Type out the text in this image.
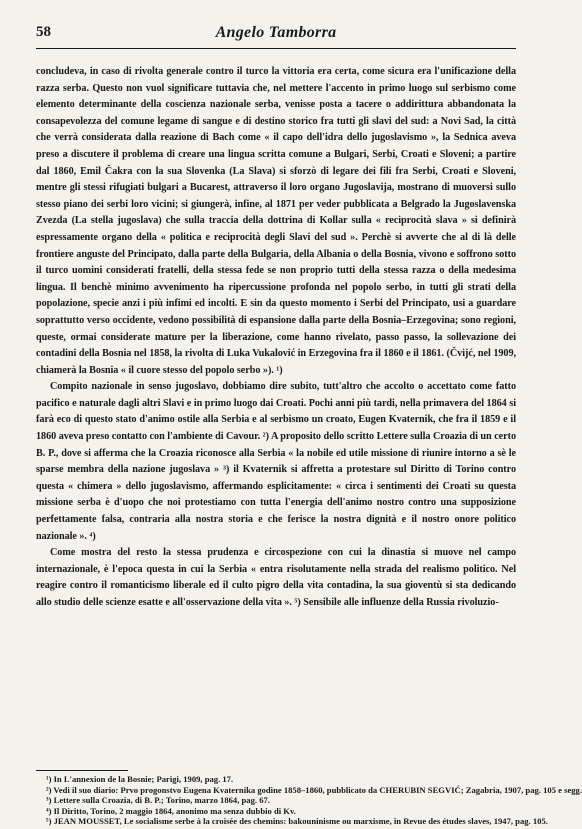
58	Angelo Tamborra

concludeva, in caso di rivolta generale contro il turco la vittoria era certa, come sicura era l'unificazione della razza serba. Questo non vuol significare tuttavia che, nel mettere l'accento in primo luogo sul serbismo come elemento determinante della coscienza nazionale serba, venisse posta a tacere o addirittura abbandonata la consapevolezza del comune legame di sangue e di destino storico fra tutti gli slavi del sud: a Novi Sad, la città che verrà considerata dalla reazione di Bach come « il capo dell'idra dello jugoslavismo », la Sednica aveva preso a discutere il problema di creare una lingua scritta comune a Bulgari, Serbi, Croati e Sloveni; a partire dal 1860, Emil Čakra con la sua Slovenka (La Slava) si sforzò di legare dei fili fra Serbi, Croati e Sloveni, mentre gli stessi rifugiati bulgari a Bucarest, attraverso il loro organo Jugoslavija, mostrano di muoversi sullo stesso piano dei serbi loro vicini; si giungerà, infine, al 1871 per veder pubblicata a Belgrado la Jugoslavenska Zvezda (La stella jugoslava) che sulla traccia della dottrina di Kollar sulla « reciprocità slava » si definirà espressamente organo della « politica e reciprocità degli Slavi del sud ». Perchè si avverte che al di là delle frontiere anguste del Principato, dalla parte della Bulgaria, della Albania o della Bosnia, vivono e soffrono sotto il turco uomini considerati fratelli, della stessa fede se non proprio tutti della stessa razza o della medesima lingua. Il benchè minimo avvenimento ha ripercussione profonda nel popolo serbo, in tutti gli strati della popolazione, specie anzi i più infimi ed incolti. E sin da questo momento i Serbi del Principato, usi a guardare soprattutto verso occidente, vedono possibilità di espansione dalla parte della Bosnia–Erzegovina; sono regioni, queste, ormai considerate mature per la liberazione, come hanno rivelato, passo passo, la sollevazione dei contadini della Bosnia nel 1858, la rivolta di Luka Vukalović in Erzegovina fra il 1860 e il 1861. (Čvijć, nel 1909, chiamerà la Bosnia « il cuore stesso del popolo serbo »). ¹)

Compito nazionale in senso jugoslavo, dobbiamo dire subito, tutt'altro che accolto o accettato come fatto pacifico e naturale dagli altri Slavi e in primo luogo dai Croati. Pochi anni più tardi, nella primavera del 1864 si farà eco di questo stato d'animo ostile alla Serbia e al serbismo un croato, Eugen Kvaternik, che fra il 1859 e il 1860 aveva preso contatto con l'ambiente di Cavour. ²) A proposito dello scritto Lettere sulla Croazia di un certo B. P., dove si afferma che la Croazia riconosce alla Serbia « la nobile ed utile missione di riunire intorno a sè le sparse membra della nazione jugoslava » ³) il Kvaternik si affretta a protestare sul Diritto di Torino contro questa « chimera » dello jugoslavismo, affermando esplicitamente: « circa i sentimenti dei Croati su questa missione serba è d'uopo che noi protestiamo con tutta l'energia dell'animo nostro contro una supposizione perfettamente falsa, contraria alla nostra storia e che ferisce la nostra dignità e il nostro onore politico nazionale ». ⁴)

Come mostra del resto la stessa prudenza e circospezione con cui la dinastia si muove nel campo internazionale, è l'epoca questa in cui la Serbia « entra risolutamente nella strada del realismo politico. Nel reagire contro il romanticismo liberale ed il culto pigro della vita contadina, la sua gioventù si sta dedicando allo studio delle scienze esatte e all'osservazione della vita ». ⁵) Sensibile alle influenze della Russia rivoluzio-

¹) In L'annexion de la Bosnie; Parigi, 1909, pag. 17.

²) Vedi il suo diario: Prvo progonstvo Eugena Kvaternika godine 1858–1860, pubblicato da CHERUBIN SEGVIĆ; Zagabria, 1907, pag. 105 e segg.

³) Lettere sulla Croazia, di B. P.; Torino, marzo 1864, pag. 67.

⁴) Il Diritto, Torino, 2 maggio 1864, anonimo ma senza dubbio di Kv.

⁵) JEAN MOUSSET, Le socialisme serbe à la croisée des chemins: bakouninisme ou marxisme, in Revue des études slaves, 1947, pag. 105.
